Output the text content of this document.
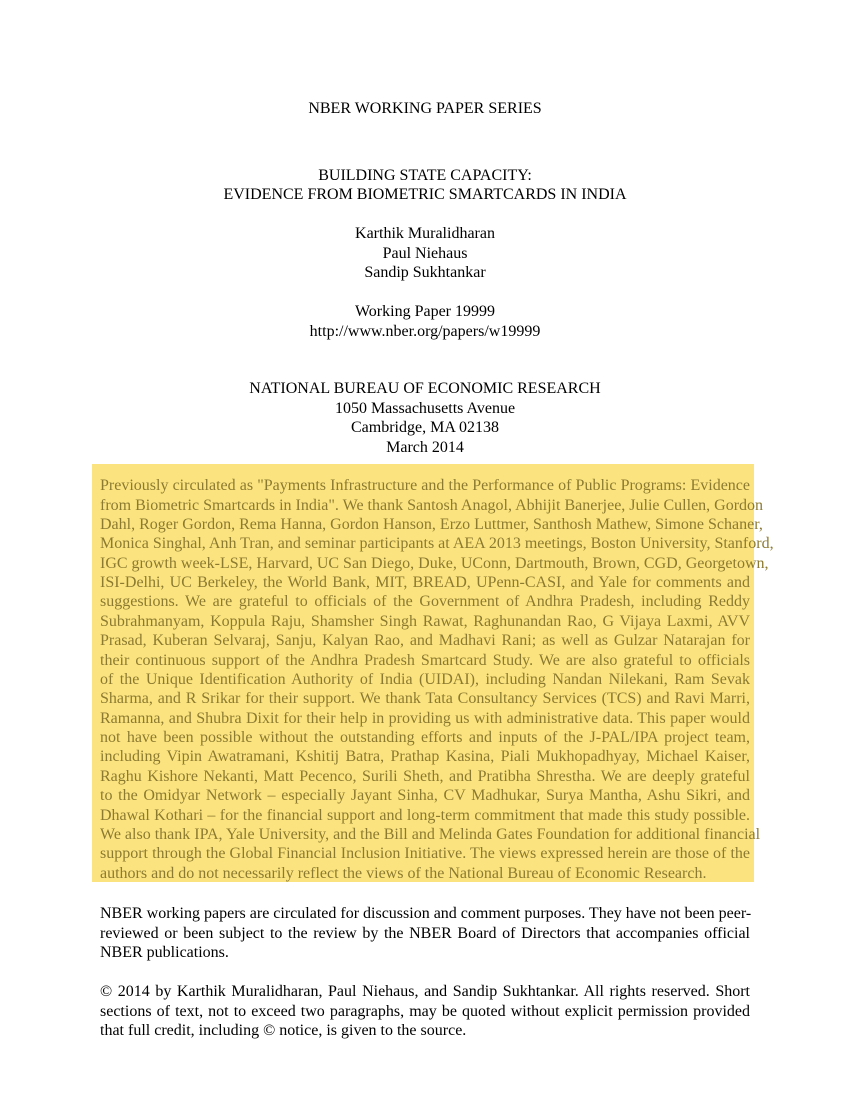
NBER WORKING PAPER SERIES
BUILDING STATE CAPACITY:
EVIDENCE FROM BIOMETRIC SMARTCARDS IN INDIA
Karthik Muralidharan
Paul Niehaus
Sandip Sukhtankar
Working Paper 19999
http://www.nber.org/papers/w19999
NATIONAL BUREAU OF ECONOMIC RESEARCH
1050 Massachusetts Avenue
Cambridge, MA 02138
March 2014
Previously circulated as "Payments Infrastructure and the Performance of Public Programs: Evidence
from Biometric Smartcards in India". We thank Santosh Anagol, Abhijit Banerjee, Julie Cullen, Gordon
Dahl, Roger Gordon, Rema Hanna, Gordon Hanson, Erzo Luttmer, Santhosh Mathew, Simone Schaner,
Monica Singhal, Anh Tran, and seminar participants at AEA 2013 meetings, Boston University, Stanford,
IGC growth week-LSE, Harvard, UC San Diego, Duke, UConn, Dartmouth, Brown, CGD, Georgetown,
ISI-Delhi, UC Berkeley, the World Bank, MIT, BREAD, UPenn-CASI, and Yale for comments and
suggestions. We are grateful to officials of the Government of Andhra Pradesh, including Reddy
Subrahmanyam, Koppula Raju, Shamsher Singh Rawat, Raghunandan Rao, G Vijaya Laxmi, AVV
Prasad, Kuberan Selvaraj, Sanju, Kalyan Rao, and Madhavi Rani; as well as Gulzar Natarajan for
their continuous support of the Andhra Pradesh Smartcard Study. We are also grateful to officials
of the Unique Identification Authority of India (UIDAI), including Nandan Nilekani, Ram Sevak
Sharma, and R Srikar for their support. We thank Tata Consultancy Services (TCS) and Ravi Marri,
Ramanna, and Shubra Dixit for their help in providing us with administrative data. This paper would
not have been possible without the outstanding efforts and inputs of the J-PAL/IPA project team,
including Vipin Awatramani, Kshitij Batra, Prathap Kasina, Piali Mukhopadhyay, Michael Kaiser,
Raghu Kishore Nekanti, Matt Pecenco, Surili Sheth, and Pratibha Shrestha. We are deeply grateful
to the Omidyar Network – especially Jayant Sinha, CV Madhukar, Surya Mantha, Ashu Sikri, and
Dhawal Kothari – for the financial support and long-term commitment that made this study possible.
We also thank IPA, Yale University, and the Bill and Melinda Gates Foundation for additional financial
support through the Global Financial Inclusion Initiative. The views expressed herein are those of the
authors and do not necessarily reflect the views of the National Bureau of Economic Research.
NBER working papers are circulated for discussion and comment purposes. They have not been peer-
reviewed or been subject to the review by the NBER Board of Directors that accompanies official
NBER publications.
© 2014 by Karthik Muralidharan, Paul Niehaus, and Sandip Sukhtankar. All rights reserved. Short
sections of text, not to exceed two paragraphs, may be quoted without explicit permission provided
that full credit, including © notice, is given to the source.
